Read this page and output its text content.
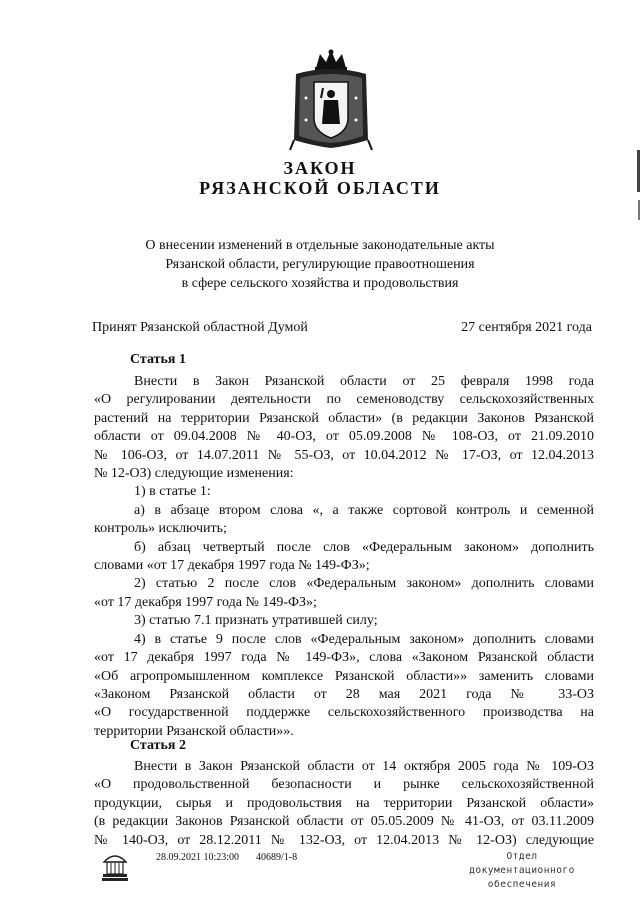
ЗАКОН
РЯЗАНСКОЙ ОБЛАСТИ
О внесении изменений в отдельные законодательные акты
Рязанской области, регулирующие правоотношения
в сфере сельского хозяйства и продовольствия
Принят Рязанской областной Думой	27 сентября 2021 года
Статья 1
Внести в Закон Рязанской области от 25 февраля 1998 года
«О регулировании деятельности по семеноводству сельскохозяйственных
растений на территории Рязанской области» (в редакции Законов Рязанской
области от 09.04.2008 № 40-ОЗ, от 05.09.2008 № 108-ОЗ, от 21.09.2010
№ 106-ОЗ, от 14.07.2011 № 55-ОЗ, от 10.04.2012 № 17-ОЗ, от 12.04.2013
№ 12-ОЗ) следующие изменения:
1) в статье 1:
а) в абзаце втором слова «, а также сортовой контроль и семенной
контроль» исключить;
б) абзац четвертый после слов «Федеральным законом» дополнить
словами «от 17 декабря 1997 года № 149-ФЗ»;
2) статью 2 после слов «Федеральным законом» дополнить словами
«от 17 декабря 1997 года № 149-ФЗ»;
3) статью 7.1 признать утратившей силу;
4) в статье 9 после слов «Федеральным законом» дополнить словами
«от 17 декабря 1997 года № 149-ФЗ», слова «Законом Рязанской области
«Об агропромышленном комплексе Рязанской области»» заменить словами
«Законом Рязанской области от 28 мая 2021 года № 33-ОЗ
«О государственной поддержке сельскохозяйственного производства на
территории Рязанской области»».
Статья 2
Внести в Закон Рязанской области от 14 октября 2005 года № 109-ОЗ
«О продовольственной безопасности и рынке сельскохозяйственной
продукции, сырья и продовольствия на территории Рязанской области»
(в редакции Законов Рязанской области от 05.05.2009 № 41-ОЗ, от 03.11.2009
№ 140-ОЗ, от 28.12.2011 № 132-ОЗ, от 12.04.2013 № 12-ОЗ) следующие
28.09.2021 10:23:00 40689/1-8	Отдел документационного
обеспечения
